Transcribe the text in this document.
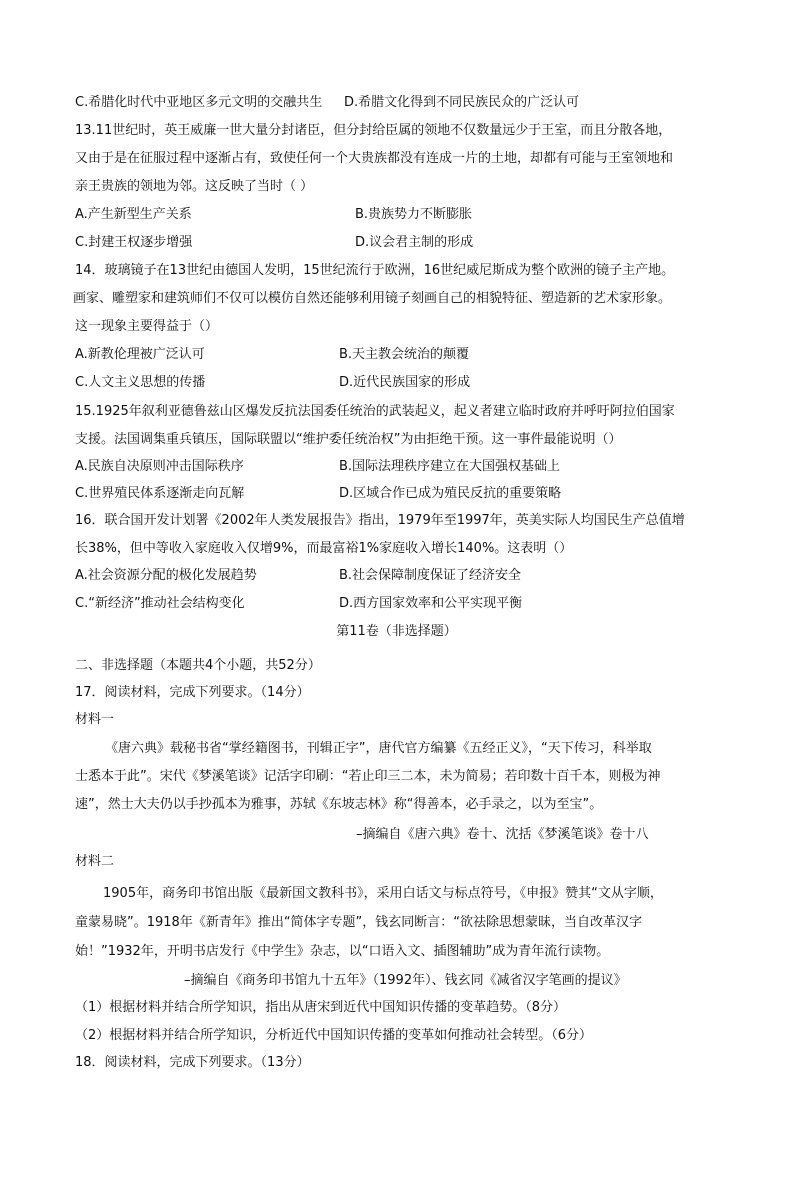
C.希腊化时代中亚地区多元文明的交融共生 D.希腊文化得到不同民族民众的广泛认可
13.11世纪时，英王威廉一世大量分封诸臣，但分封给臣属的领地不仅数量远少于王室，而且分散各地，
又由于是在征服过程中逐渐占有，致使任何一个大贵族都没有连成一片的土地，却都有可能与王室领地和
亲王贵族的领地为邻。这反映了当时（ ）
A.产生新型生产关系	B.贵族势力不断膨胀
C.封建王权逐步增强	D.议会君主制的形成
14．玻璃镜子在13世纪由德国人发明，15世纪流行于欧洲，16世纪威尼斯成为整个欧洲的镜子主产地。
画家、雕塑家和建筑师们不仅可以模仿自然还能够利用镜子刻画自己的相貌特征、塑造新的艺术家形象。
这一现象主要得益于（）
A.新教伦理被广泛认可	B.天主教会统治的颠覆
C.人文主义思想的传播	D.近代民族国家的形成
15.1925年叙利亚德鲁兹山区爆发反抗法国委任统治的武装起义，起义者建立临时政府并呼吁阿拉伯国家
支援。法国调集重兵镇压，国际联盟以“维护委任统治权”为由拒绝干预。这一事件最能说明（）
A.民族自决原则冲击国际秩序	B.国际法理秩序建立在大国强权基础上
C.世界殖民体系逐渐走向瓦解	D.区域合作已成为殖民反抗的重要策略
16．联合国开发计划署《2002年人类发展报告》指出，1979年至1997年，英美实际人均国民生产总值增
长38%，但中等收入家庭收入仅增9%，而最富裕1%家庭收入增长140%。这表明（）
A.社会资源分配的极化发展趋势	B.社会保障制度保证了经济安全
C.“新经济”推动社会结构变化	D.西方国家效率和公平实现平衡
第11卷（非选择题）
二、非选择题（本题共4个小题，共52分）
17．阅读材料，完成下列要求。（14分）
材料一
《唐六典》载秘书省“掌经籍图书，刊辑正字”，唐代官方编纂《五经正义》，“天下传习，科举取
士悉本于此”。宋代《梦溪笔谈》记活字印刷：“若止印三二本，未为简易；若印数十百千本，则极为神
速”，然士大夫仍以手抄孤本为雅事，苏轼《东坡志林》称“得善本，必手录之，以为至宝”。
–摘编自《唐六典》卷十、沈括《梦溪笔谈》卷十八
材料二
1905年，商务印书馆出版《最新国文教科书》，采用白话文与标点符号，《申报》赞其“文从字顺，
童蒙易晓”。1918年《新青年》推出“简体字专题”，钱玄同断言：“欲祛除思想蒙昧，当自改革汉字
始！”1932年，开明书店发行《中学生》杂志，以“口语入文、插图辅助”成为青年流行读物。
–摘编自《商务印书馆九十五年》（1992年）、钱玄同《减省汉字笔画的提议》
（1）根据材料并结合所学知识，指出从唐宋到近代中国知识传播的变革趋势。（8分）
（2）根据材料并结合所学知识，分析近代中国知识传播的变革如何推动社会转型。（6分）
18．阅读材料，完成下列要求。（13分）
